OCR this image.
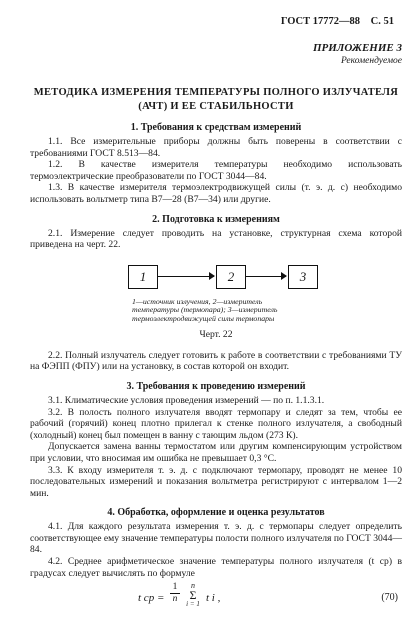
ГОСТ 17772—88 С. 51
ПРИЛОЖЕНИЕ 3
Рекомендуемое
МЕТОДИКА ИЗМЕРЕНИЯ ТЕМПЕРАТУРЫ ПОЛНОГО ИЗЛУЧАТЕЛЯ
(АЧТ) И ЕЕ СТАБИЛЬНОСТИ
1. Требования к средствам измерений

1.1. Все измерительные приборы должны быть поверены в соответствии с требованиями ГОСТ 8.513—84.

1.2. В качестве измерителя температуры необходимо использовать термоэлектрические преобразователи по ГОСТ 3044—84.

1.3. В качестве измерителя термоэлектродвижущей силы (т. э. д. с) необходимо использовать вольтметр типа В7—28 (В7—34) или другие.

2. Подготовка к измерениям

2.1. Измерение следует проводить на установке, структурная схема которой приведена на черт. 22.

1	2	3
1—источник излучения, 2—измеритель температуры (термопара); 3—измеритель термоэлектродвижущей силы термопары
Черт. 22

2.2. Полный излучатель следует готовить к работе в соответствии с требованиями ТУ на ФЭПП (ФПУ) или на установку, в состав которой он входит.

3. Требования к проведению измерений

3.1. Климатические условия проведения измерений — по п. 1.1.3.1.

3.2. В полость полного излучателя вводят термопару и следят за тем, чтобы ее рабочий (горячий) конец плотно прилегал к стенке полного излучателя, а свободный (холодный) конец был помещен в ванну с тающим льдом (273 К).

Допускается замена ванны термостатом или другим компенсирующим устройством при условии, что вносимая им ошибка не превышает 0,3 °С.

3.3. К входу измерителя т. э. д. с подключают термопару, проводят не менее 10 последовательных измерений и показания вольтметра регистрируют с интервалом 1—2 мин.

4. Обработка, оформление и оценка результатов

4.1. Для каждого результата измерения т. э. д. с термопары следует определить соответствующее ему значение температуры полости полного излучателя по ГОСТ 3044—84.

4.2. Среднее арифметическое значение температуры полного излучателя (t ср) в градусах следует вычислять по формуле

t ср = $\frac{1}{n}$	n
Σ
i = 1 t i ,	(70)
